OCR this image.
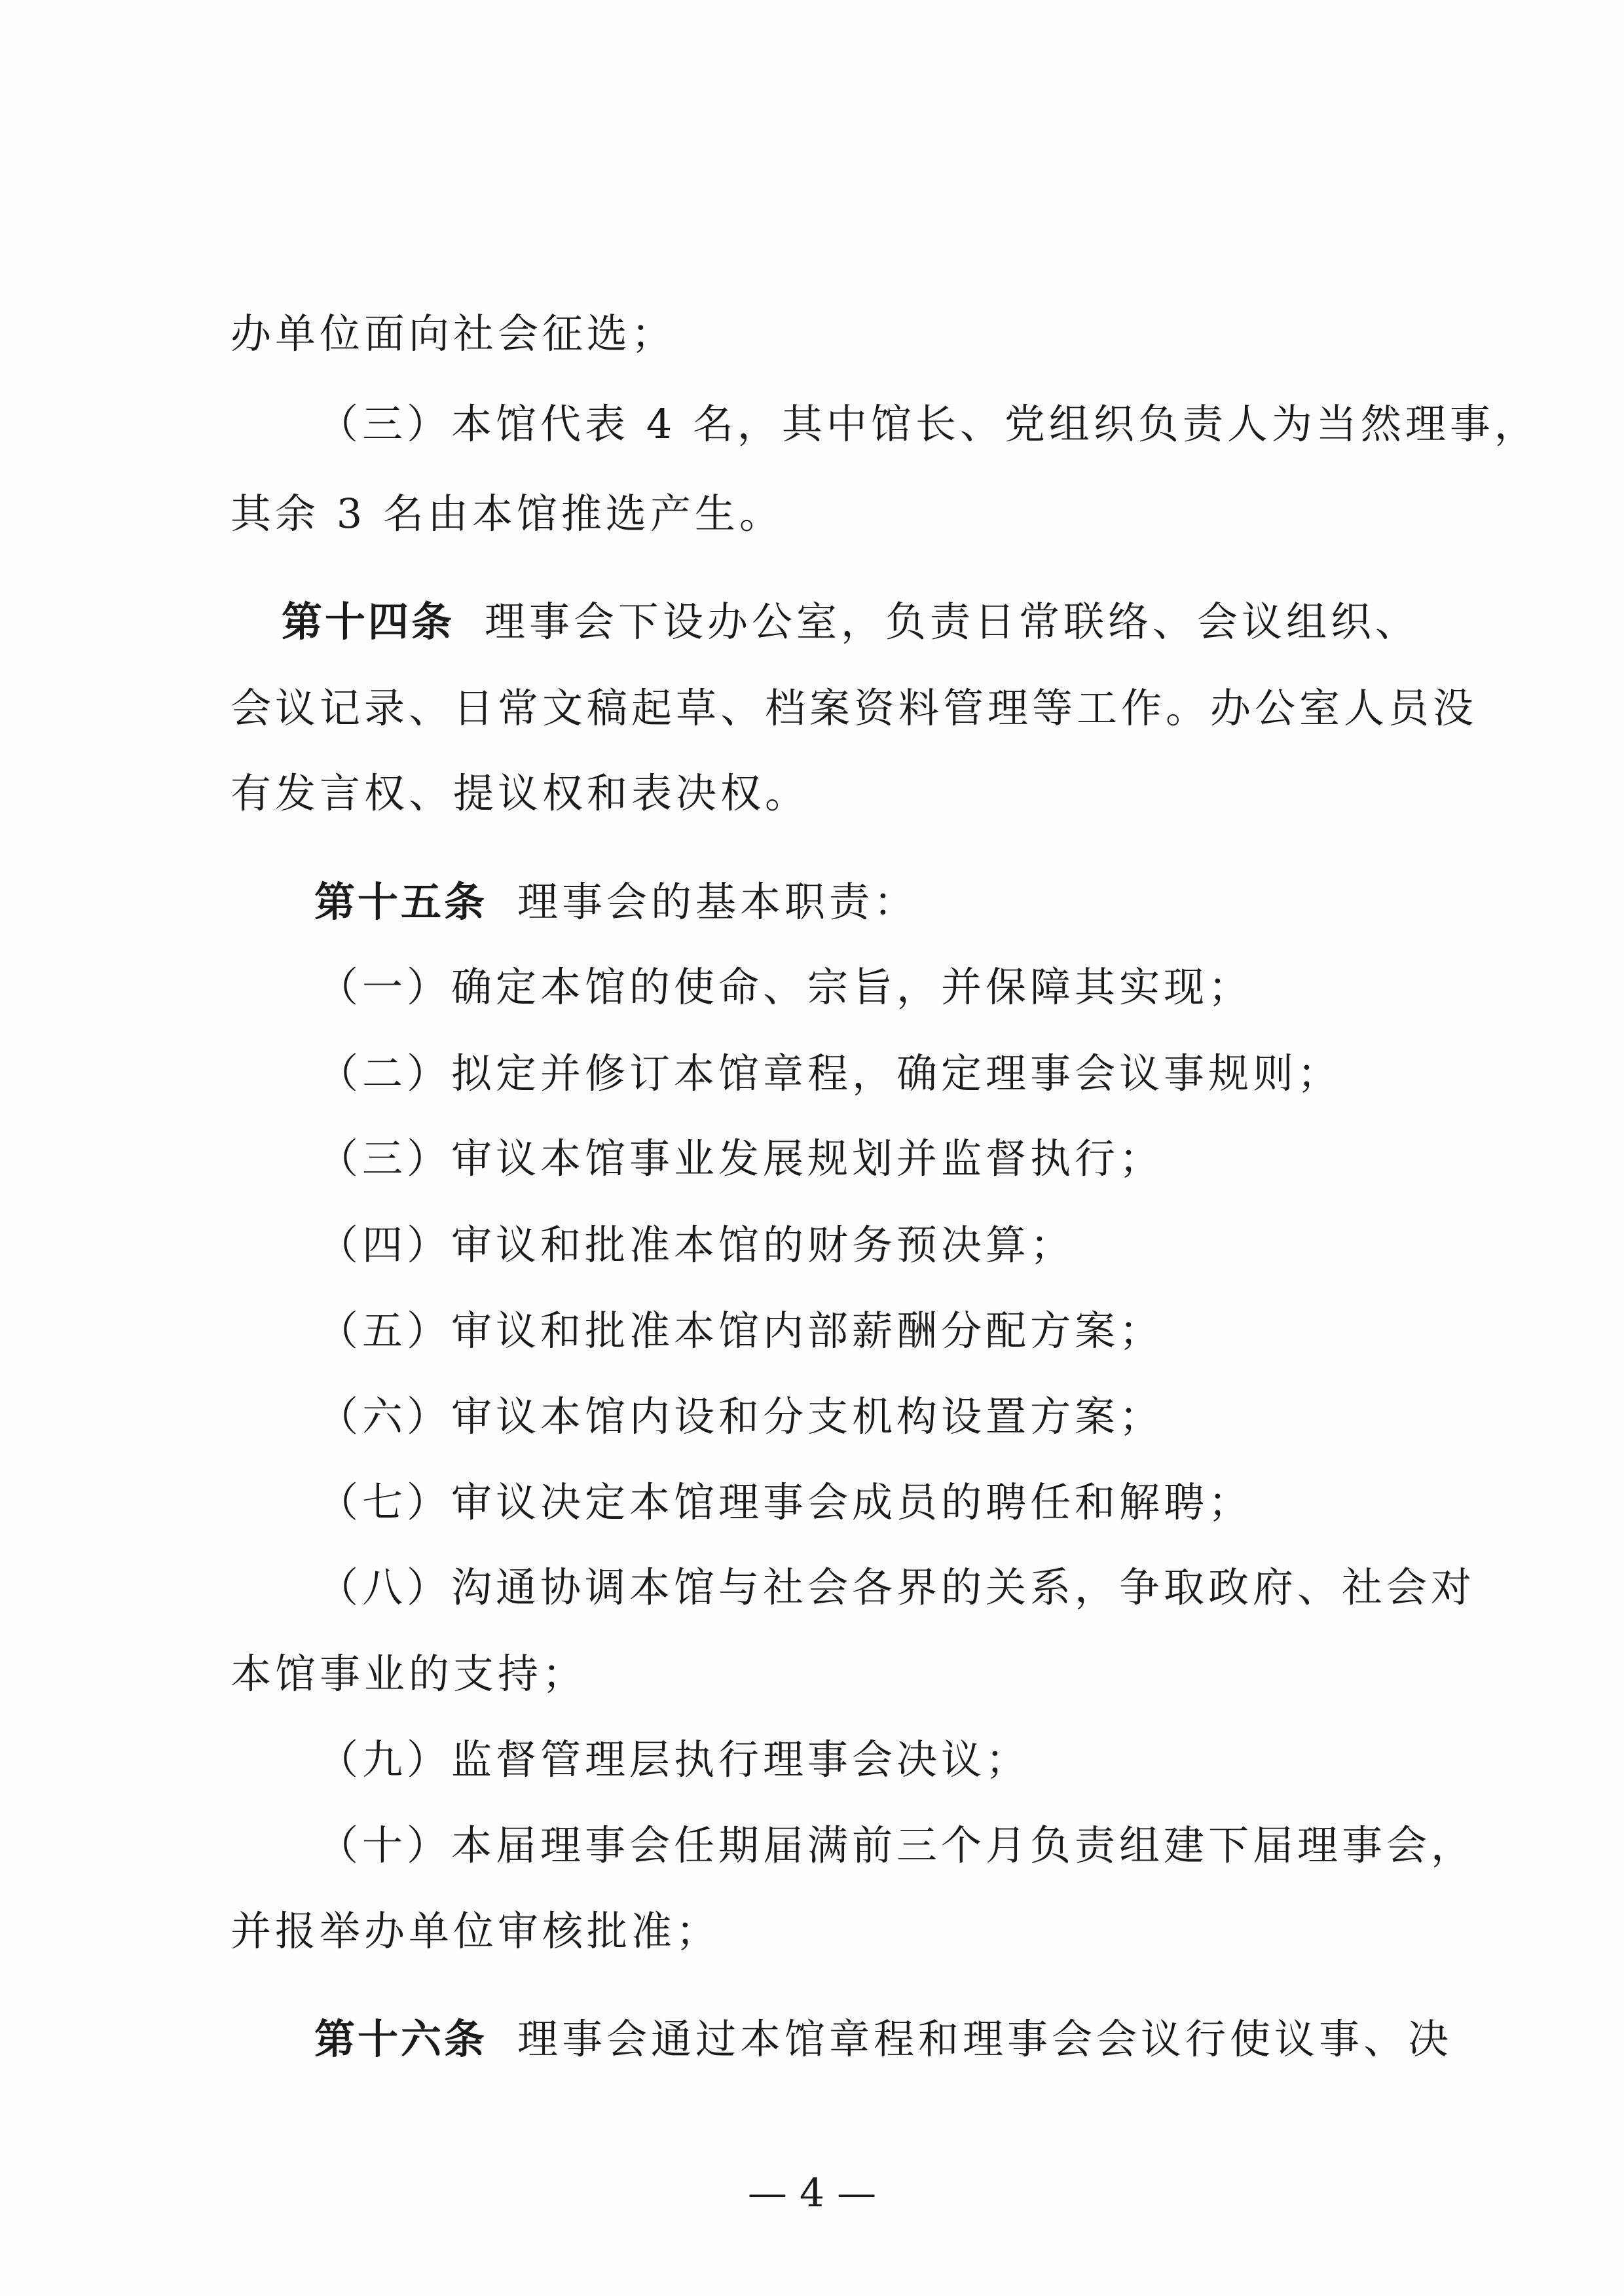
办单位面向社会征选；
（三）本馆代表 4 名，其中馆长、党组织负责人为当然理事，
其余 3 名由本馆推选产生。
第十四条 理事会下设办公室，负责日常联络、会议组织、
会议记录、日常文稿起草、档案资料管理等工作。办公室人员没
有发言权、提议权和表决权。
第十五条 理事会的基本职责：
（一）确定本馆的使命、宗旨，并保障其实现；
（二）拟定并修订本馆章程，确定理事会议事规则；
（三）审议本馆事业发展规划并监督执行；
（四）审议和批准本馆的财务预决算；
（五）审议和批准本馆内部薪酬分配方案；
（六）审议本馆内设和分支机构设置方案；
（七）审议决定本馆理事会成员的聘任和解聘；
（八）沟通协调本馆与社会各界的关系，争取政府、社会对
本馆事业的支持；
（九）监督管理层执行理事会决议；
（十）本届理事会任期届满前三个月负责组建下届理事会，
并报举办单位审核批准；
第十六条 理事会通过本馆章程和理事会会议行使议事、决
— 4 —
